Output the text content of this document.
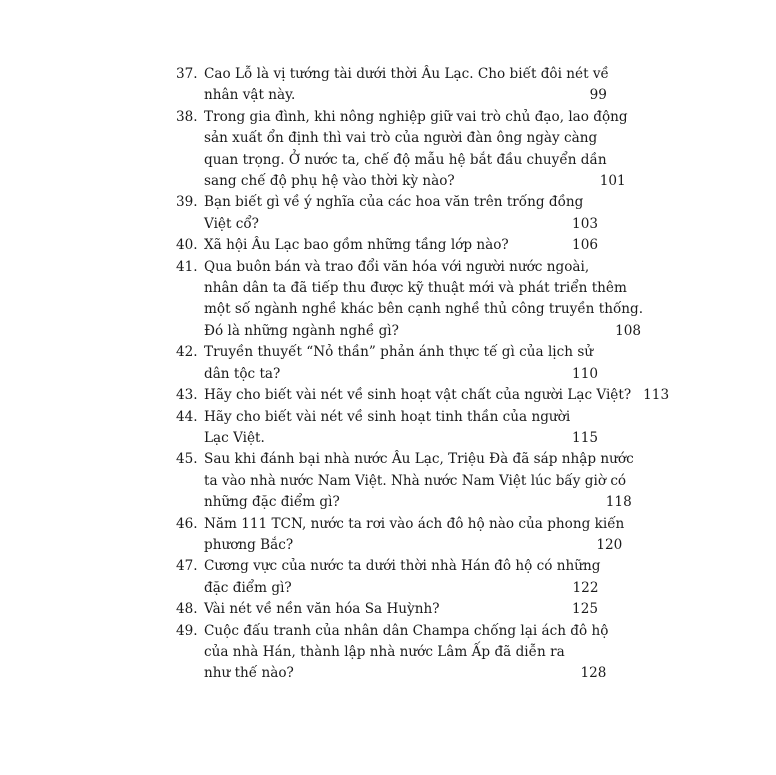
37. Cao Lỗ là vị tướng tài dưới thời Âu Lạc. Cho biết đôi nét về
nhân vật này.	99
38. Trong gia đình, khi nông nghiệp giữ vai trò chủ đạo, lao động
sản xuất ổn định thì vai trò của người đàn ông ngày càng
quan trọng. Ở nước ta, chế độ mẫu hệ bắt đầu chuyển dần
sang chế độ phụ hệ vào thời kỳ nào?	101
39. Bạn biết gì về ý nghĩa của các hoa văn trên trống đồng
Việt cổ?	103
40. Xã hội Âu Lạc bao gồm những tầng lớp nào?	106
41. Qua buôn bán và trao đổi văn hóa với người nước ngoài,
nhân dân ta đã tiếp thu được kỹ thuật mới và phát triển thêm
một số ngành nghề khác bên cạnh nghề thủ công truyền thống.
Đó là những ngành nghề gì?	108
42. Truyền thuyết “Nỏ thần” phản ánh thực tế gì của lịch sử
dân tộc ta?	110
43. Hãy cho biết vài nét về sinh hoạt vật chất của người Lạc Việt? 113
44. Hãy cho biết vài nét về sinh hoạt tinh thần của người
Lạc Việt.	115
45. Sau khi đánh bại nhà nước Âu Lạc, Triệu Đà đã sáp nhập nước
ta vào nhà nước Nam Việt. Nhà nước Nam Việt lúc bấy giờ có
những đặc điểm gì?	118
46. Năm 111 TCN, nước ta rơi vào ách đô hộ nào của phong kiến
phương Bắc?	120
47. Cương vực của nước ta dưới thời nhà Hán đô hộ có những
đặc điểm gì?	122
48. Vài nét về nền văn hóa Sa Huỳnh?	125
49. Cuộc đấu tranh của nhân dân Champa chống lại ách đô hộ
của nhà Hán, thành lập nhà nước Lâm Ấp đã diễn ra
như thế nào?	128
